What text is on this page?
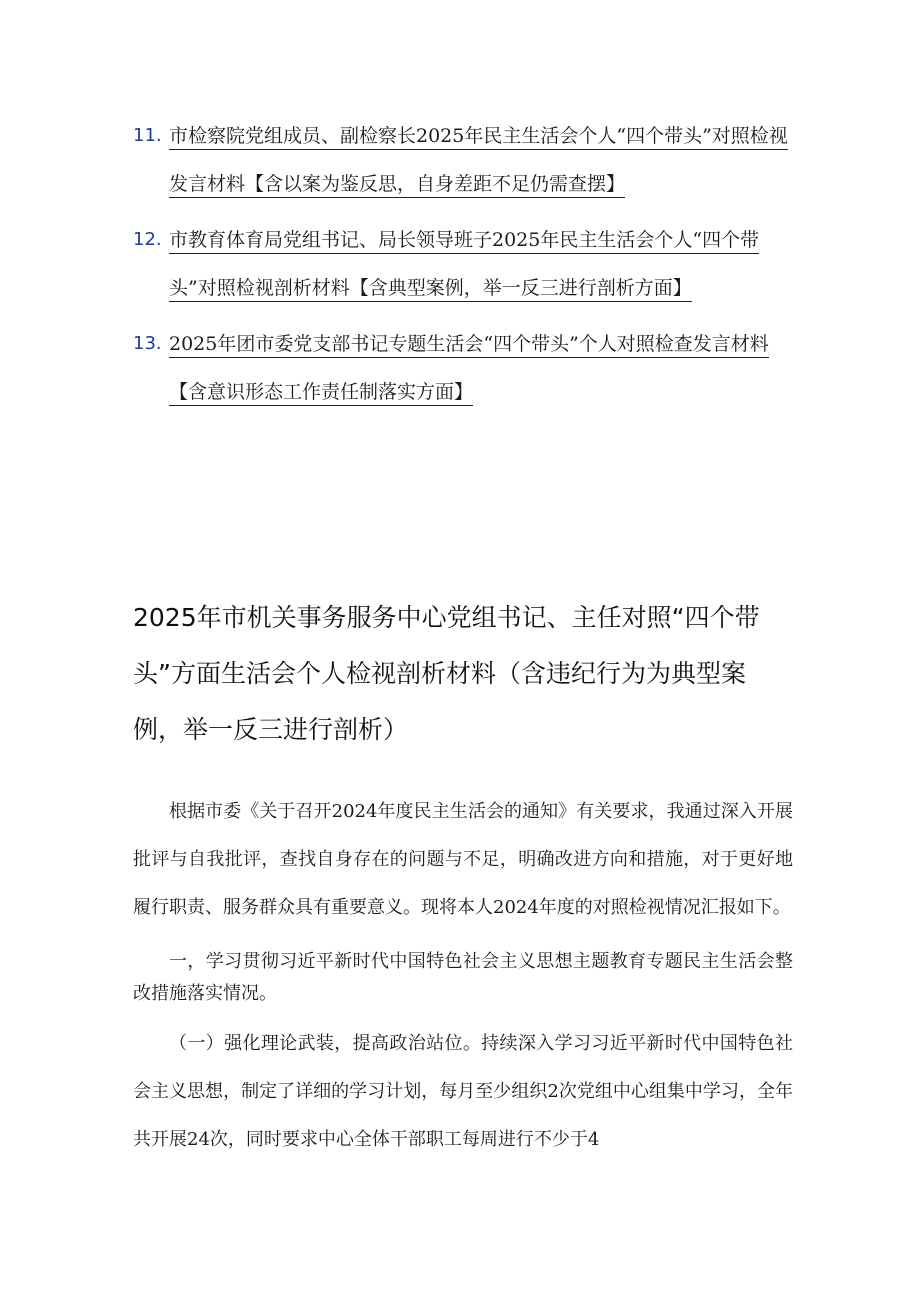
11. 市检察院党组成员、副检察长2025年民主生活会个人“四个带头”对照检视发言材料【含以案为鉴反思，自身差距不足仍需查摆】
12. 市教育体育局党组书记、局长领导班子2025年民主生活会个人“四个带头”对照检视剖析材料【含典型案例，举一反三进行剖析方面】
13. 2025年团市委党支部书记专题生活会“四个带头”个人对照检查发言材料【含意识形态工作责任制落实方面】
2025年市机关事务服务中心党组书记、主任对照“四个带头”方面生活会个人检视剖析材料（含违纪行为为典型案例，举一反三进行剖析）

根据市委《关于召开2024年度民主生活会的通知》有关要求，我通过深入开展批评与自我批评，查找自身存在的问题与不足，明确改进方向和措施，对于更好地履行职责、服务群众具有重要意义。现将本人2024年度的对照检视情况汇报如下。

一，学习贯彻习近平新时代中国特色社会主义思想主题教育专题民主生活会整改措施落实情况。

（一）强化理论武装，提高政治站位。持续深入学习习近平新时代中国特色社会主义思想，制定了详细的学习计划，每月至少组织2次党组中心组集中学习，全年共开展24次，同时要求中心全体干部职工每周进行不少于4
